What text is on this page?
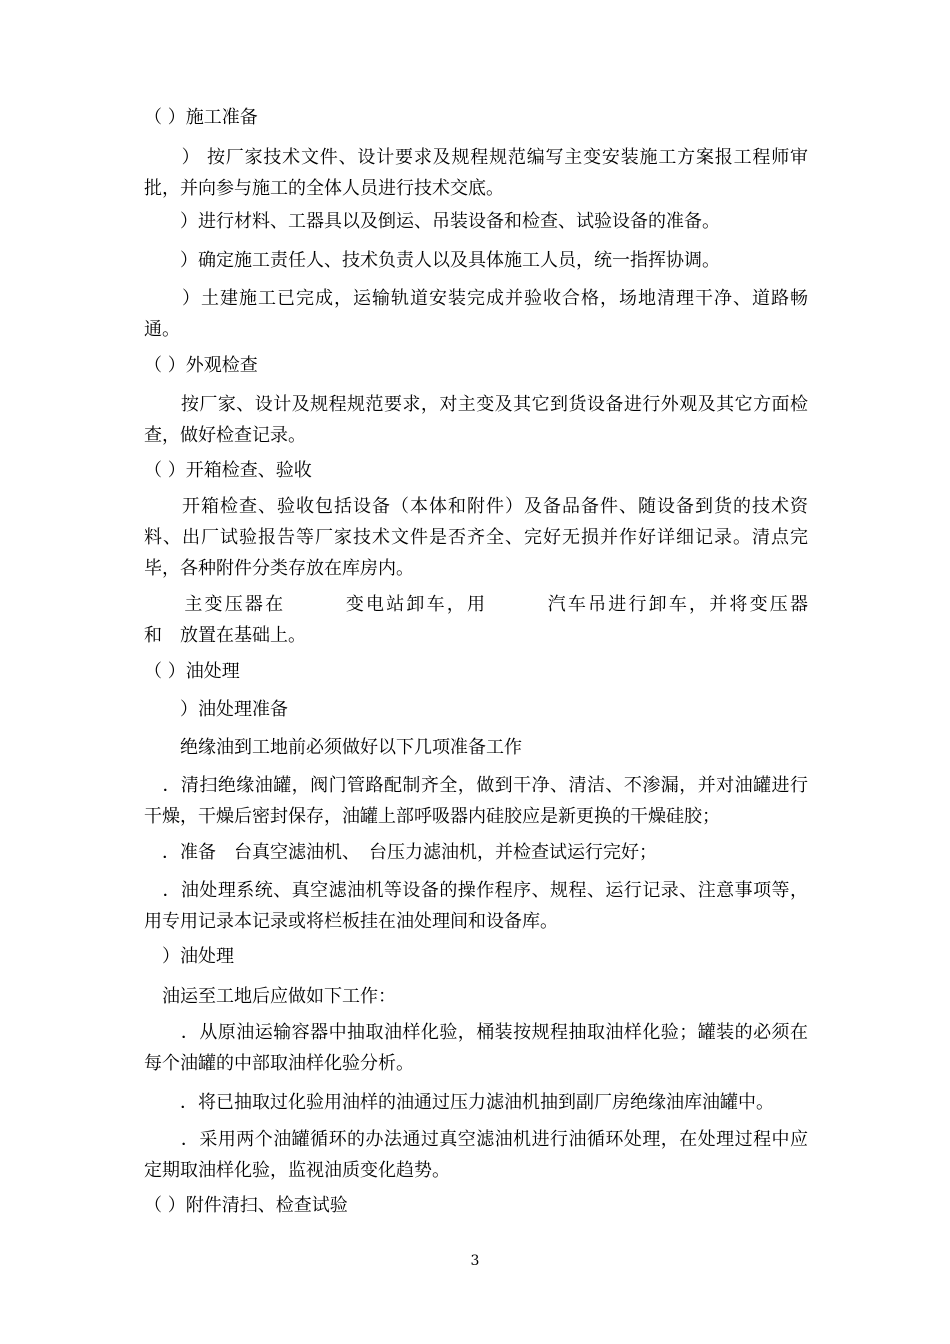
（ ）施工准备

　　） 按厂家技术文件、设计要求及规程规范编写主变安装施工方案报工程师审批，并向参与施工的全体人员进行技术交底。

　　）进行材料、工器具以及倒运、吊装设备和检查、试验设备的准备。

　　）确定施工责任人、技术负责人以及具体施工人员，统一指挥协调。

　　）土建施工已完成，运输轨道安装完成并验收合格，场地清理干净、道路畅通。

（ ）外观检查

　　按厂家、设计及规程规范要求，对主变及其它到货设备进行外观及其它方面检查，做好检查记录。

（ ）开箱检查、验收

　　开箱检查、验收包括设备（本体和附件）及备品备件、随设备到货的技术资料、出厂试验报告等厂家技术文件是否齐全、完好无损并作好详细记录。清点完毕，各种附件分类存放在库房内。

　　主变压器在　　　变电站卸车，用　　　汽车吊进行卸车，并将变压器　　　和　放置在基础上。

（ ）油处理

　　）油处理准备

　　绝缘油到工地前必须做好以下几项准备工作

　．清扫绝缘油罐，阀门管路配制齐全，做到干净、清洁、不渗漏，并对油罐进行干燥，干燥后密封保存，油罐上部呼吸器内硅胶应是新更换的干燥硅胶；

　．准备　台真空滤油机、　台压力滤油机，并检查试运行完好；

　．油处理系统、真空滤油机等设备的操作程序、规程、运行记录、注意事项等，用专用记录本记录或将栏板挂在油处理间和设备库。

　）油处理

　油运至工地后应做如下工作：

　　．从原油运输容器中抽取油样化验，桶装按规程抽取油样化验；罐装的必须在每个油罐的中部取油样化验分析。

　　．将已抽取过化验用油样的油通过压力滤油机抽到副厂房绝缘油库油罐中。

　　．采用两个油罐循环的办法通过真空滤油机进行油循环处理，在处理过程中应定期取油样化验，监视油质变化趋势。

（ ）附件清扫、检查试验

3
